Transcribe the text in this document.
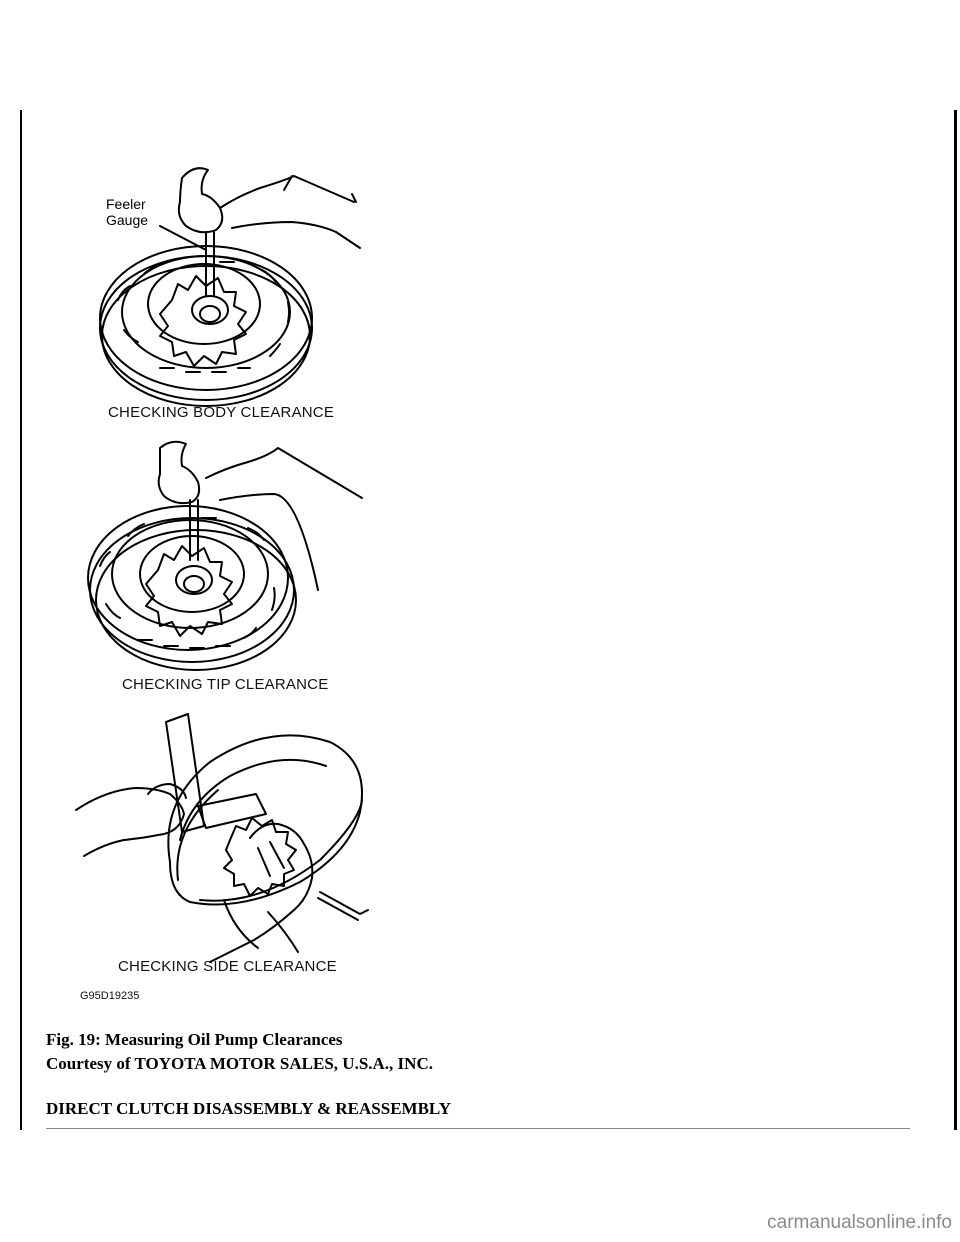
Feeler
Gauge
CHECKING BODY CLEARANCE
CHECKING TIP CLEARANCE
CHECKING SIDE CLEARANCE
G95D19235
Fig. 19: Measuring Oil Pump Clearances
Courtesy of TOYOTA MOTOR SALES, U.S.A., INC.
DIRECT CLUTCH DISASSEMBLY & REASSEMBLY
carmanualsonline.info
